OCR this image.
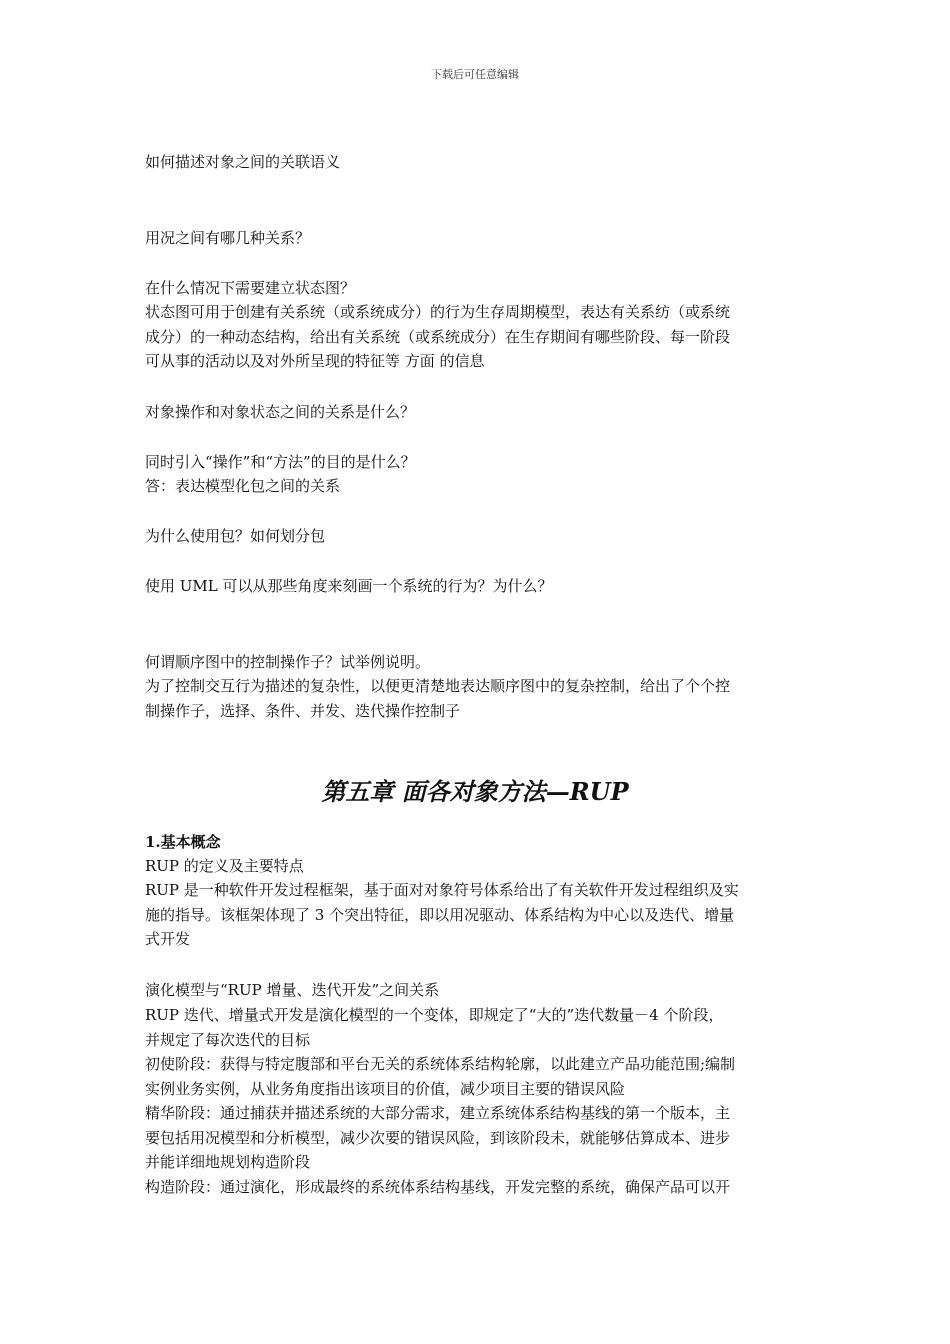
下载后可任意编辑
如何描述对象之间的关联语义
用况之间有哪几种关系？
在什么情况下需要建立状态图？
状态图可用于创建有关系统（或系统成分）的行为生存周期模型，表达有关系纺（或系统
成分）的一种动态结构，给出有关系统（或系统成分）在生存期间有哪些阶段、每一阶段
可从事的活动以及对外所呈现的特征等 方面 的信息
对象操作和对象状态之间的关系是什么？
同时引入“操作”和“方法”的目的是什么？
答：表达模型化包之间的关系
为什么使用包？如何划分包
使用 UML 可以从那些角度来刻画一个系统的行为？为什么？
何谓顺序图中的控制操作子？试举例说明。
为了控制交互行为描述的复杂性，以便更清楚地表达顺序图中的复杂控制，给出了个个控
制操作子，选择、条件、并发、迭代操作控制子
第五章 面各对象方法—RUP
1.基本概念
RUP 的定义及主要特点
RUP 是一种软件开发过程框架，基于面对对象符号体系给出了有关软件开发过程组织及实
施的指导。该框架体现了 3 个突出特征，即以用况驱动、体系结构为中心以及迭代、增量
式开发
演化模型与“RUP 增量、迭代开发”之间关系
RUP 迭代、增量式开发是演化模型的一个变体，即规定了“大的”迭代数量－4 个阶段，
并规定了每次迭代的目标
初使阶段：获得与特定腹部和平台无关的系统体系结构轮廓，以此建立产品功能范围;编制
实例业务实例，从业务角度指出该项目的价值，减少项目主要的错误风险
精华阶段：通过捕获并描述系统的大部分需求，建立系统体系结构基线的第一个版本，主
要包括用况模型和分析模型，减少次要的错误风险，到该阶段未，就能够估算成本、进步
并能详细地规划构造阶段
构造阶段：通过演化，形成最终的系统体系结构基线，开发完整的系统，确保产品可以开
